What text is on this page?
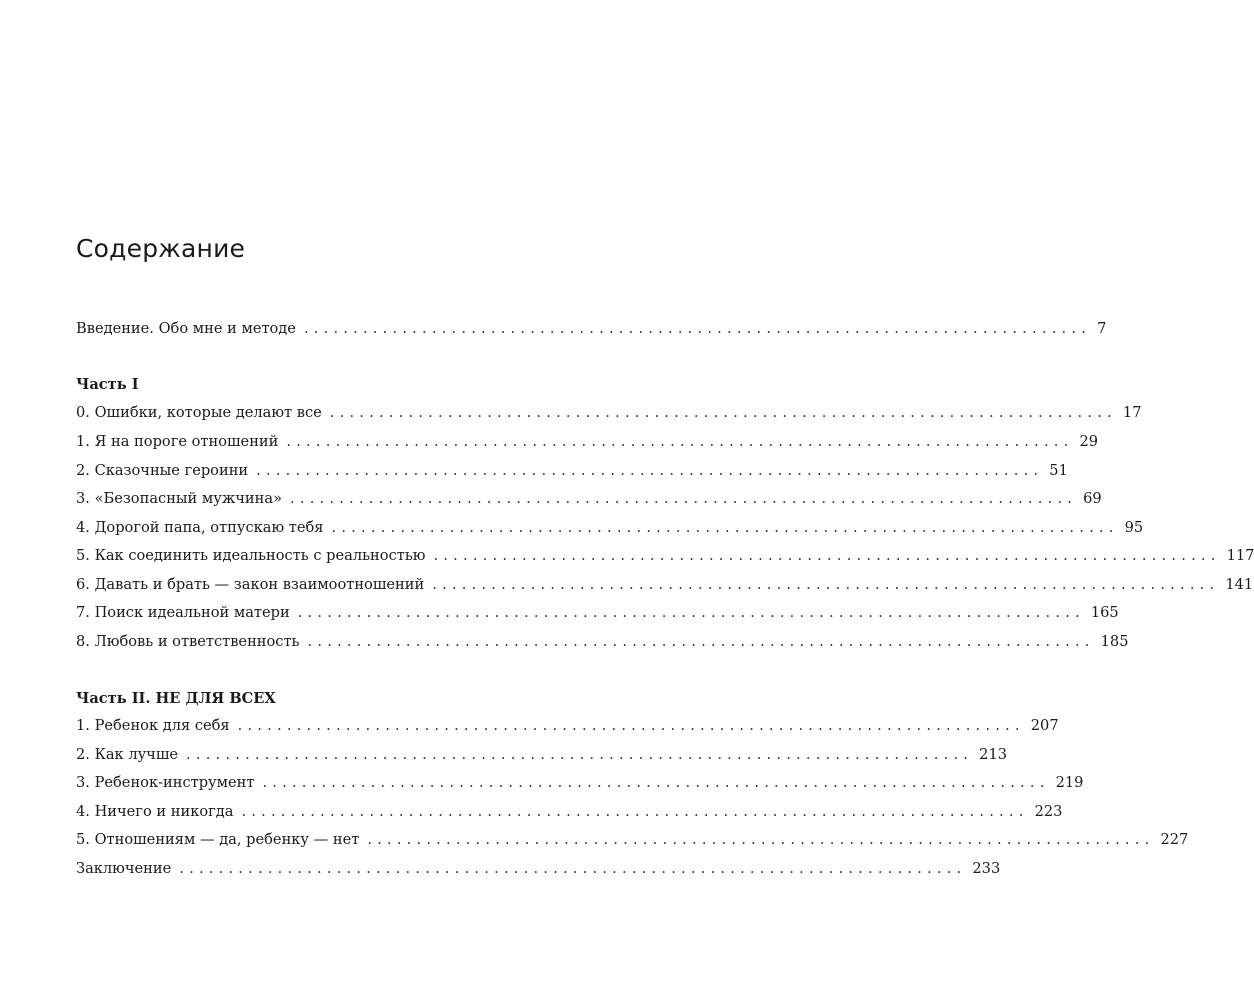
Содержание
Введение. Обо мне и методе ................................................................................ 7
Часть I
0. Ошибки, которые делают все ................................................................................ 17
1. Я на пороге отношений ................................................................................ 29
2. Сказочные героини ................................................................................ 51
3. «Безопасный мужчина» ................................................................................ 69
4. Дорогой папа, отпускаю тебя ................................................................................ 95
5. Как соединить идеальность с реальностью ................................................................................ 117
6. Давать и брать — закон взаимоотношений ................................................................................ 141
7. Поиск идеальной матери ................................................................................ 165
8. Любовь и ответственность ................................................................................ 185
Часть II. НЕ ДЛЯ ВСЕХ
1. Ребенок для себя ................................................................................ 207
2. Как лучше ................................................................................ 213
3. Ребенок-инструмент ................................................................................ 219
4. Ничего и никогда ................................................................................ 223
5. Отношениям — да, ребенку — нет ................................................................................ 227
Заключение ................................................................................ 233
